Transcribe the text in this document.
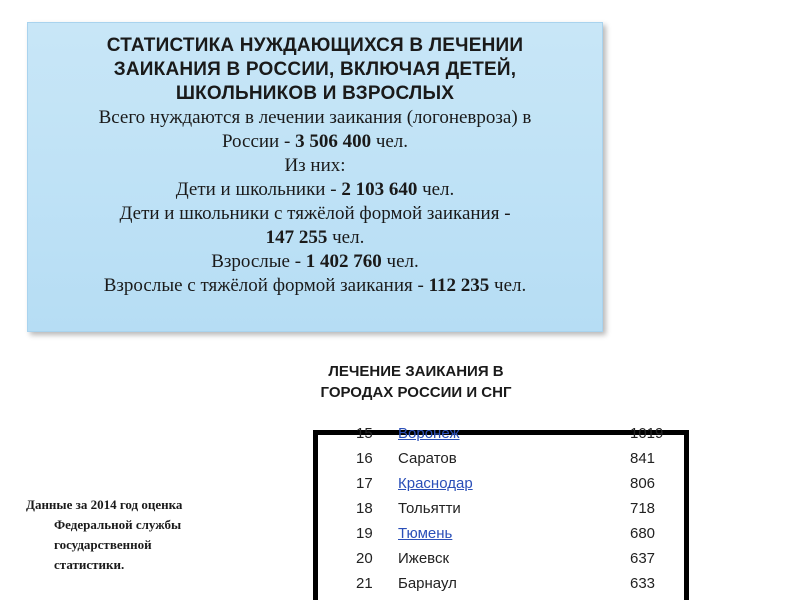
СТАТИСТИКА НУЖДАЮЩИХСЯ В ЛЕЧЕНИИ
ЗАИКАНИЯ В РОССИИ, ВКЛЮЧАЯ ДЕТЕЙ,
ШКОЛЬНИКОВ И ВЗРОСЛЫХ
Всего нуждаются в лечении заикания (логоневроза) в
России - 3 506 400 чел.
Из них:
Дети и школьники - 2 103 640 чел.
Дети и школьники с тяжёлой формой заикания -
147 255 чел.
Взрослые - 1 402 760 чел.
Взрослые с тяжёлой формой заикания - 112 235 чел.
ЛЕЧЕНИЕ ЗАИКАНИЯ В
ГОРОДАХ РОССИИ И СНГ
15 Воронеж	1019
16 Саратов	841
17 Краснодар	806
18 Тольятти	718
19 Тюмень	680
20 Ижевск	637
21 Барнаул	633
Данные за 2014 год оценка
Федеральной службы
государственной
статистики.
